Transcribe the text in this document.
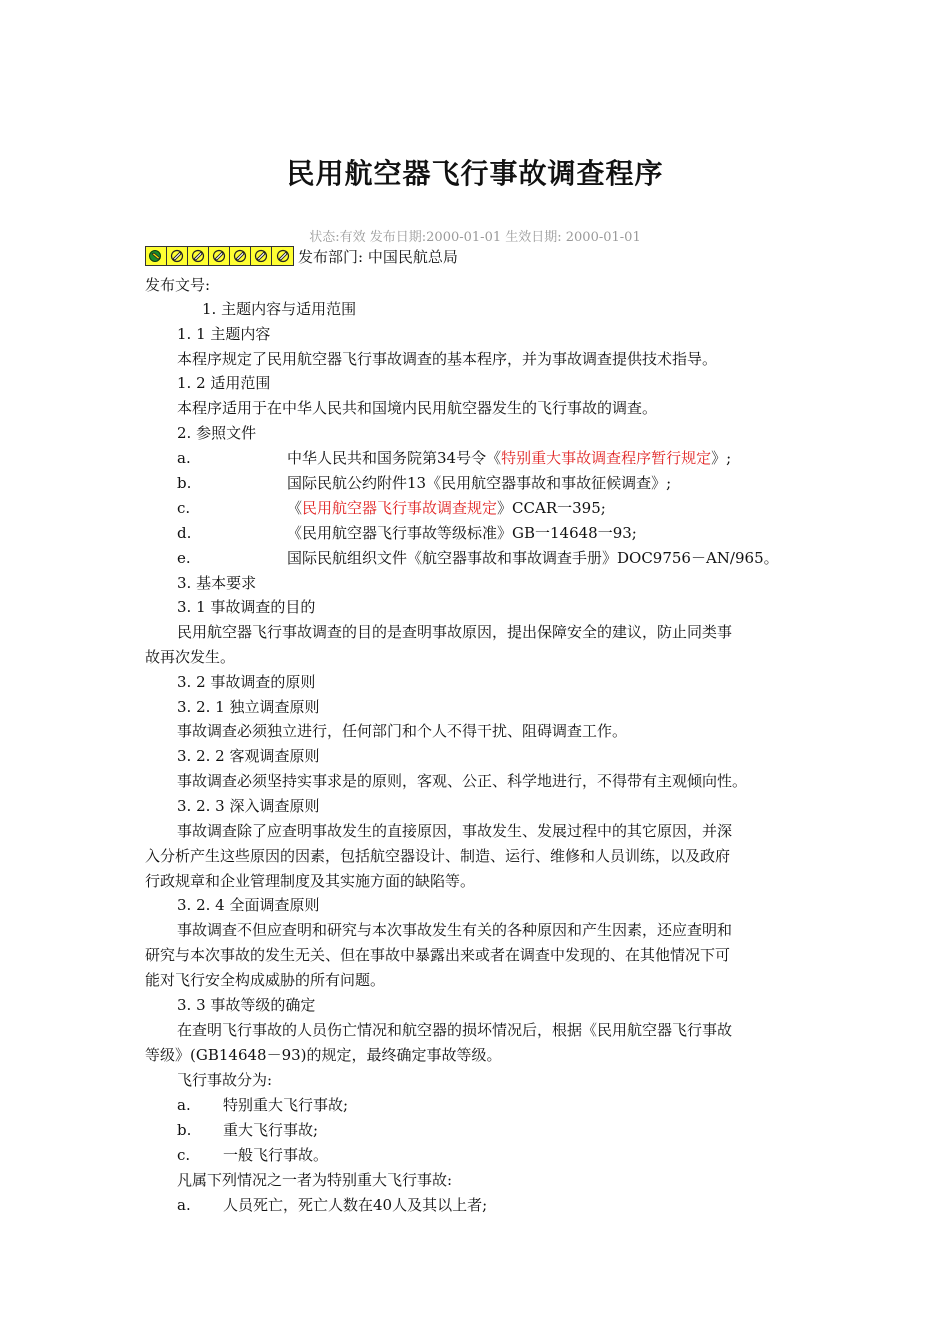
民用航空器飞行事故调查程序
状态:有效 发布日期:2000-01-01 生效日期: 2000-01-01
发布部门: 中国民航总局
发布文号:
1. 主题内容与适用范围
1. 1 主题内容
本程序规定了民用航空器飞行事故调查的基本程序，并为事故调查提供技术指导。
1. 2 适用范围
本程序适用于在中华人民共和国境内民用航空器发生的飞行事故的调查。
2. 参照文件
a.	中华人民共和国务院第34号令《特别重大事故调查程序暂行规定》;
b.	国际民航公约附件13《民用航空器事故和事故征候调查》;
c.	《民用航空器飞行事故调查规定》CCAR一395;
d.	《民用航空器飞行事故等级标准》GB一14648一93;
e.	国际民航组织文件《航空器事故和事故调查手册》DOC9756－AN/965。
3. 基本要求
3. 1 事故调查的目的
民用航空器飞行事故调查的目的是查明事故原因，提出保障安全的建议，防止同类事
故再次发生。
3. 2 事故调查的原则
3. 2. 1 独立调查原则
事故调查必须独立进行，任何部门和个人不得干扰、阻碍调查工作。
3. 2. 2 客观调查原则
事故调查必须坚持实事求是的原则，客观、公正、科学地进行，不得带有主观倾向性。
3. 2. 3 深入调查原则
事故调查除了应查明事故发生的直接原因，事故发生、发展过程中的其它原因，并深
入分析产生这些原因的因素，包括航空器设计、制造、运行、维修和人员训练，以及政府
行政规章和企业管理制度及其实施方面的缺陷等。
3. 2. 4 全面调查原则
事故调查不但应查明和研究与本次事故发生有关的各种原因和产生因素，还应查明和
研究与本次事故的发生无关、但在事故中暴露出来或者在调查中发现的、在其他情况下可
能对飞行安全构成威胁的所有问题。
3. 3 事故等级的确定
在查明飞行事故的人员伤亡情况和航空器的损坏情况后，根据《民用航空器飞行事故
等级》(GB14648－93)的规定，最终确定事故等级。
飞行事故分为:
a. 特别重大飞行事故;
b. 重大飞行事故;
c. 一般飞行事故。
凡属下列情况之一者为特别重大飞行事故:
a. 人员死亡，死亡人数在40人及其以上者;
